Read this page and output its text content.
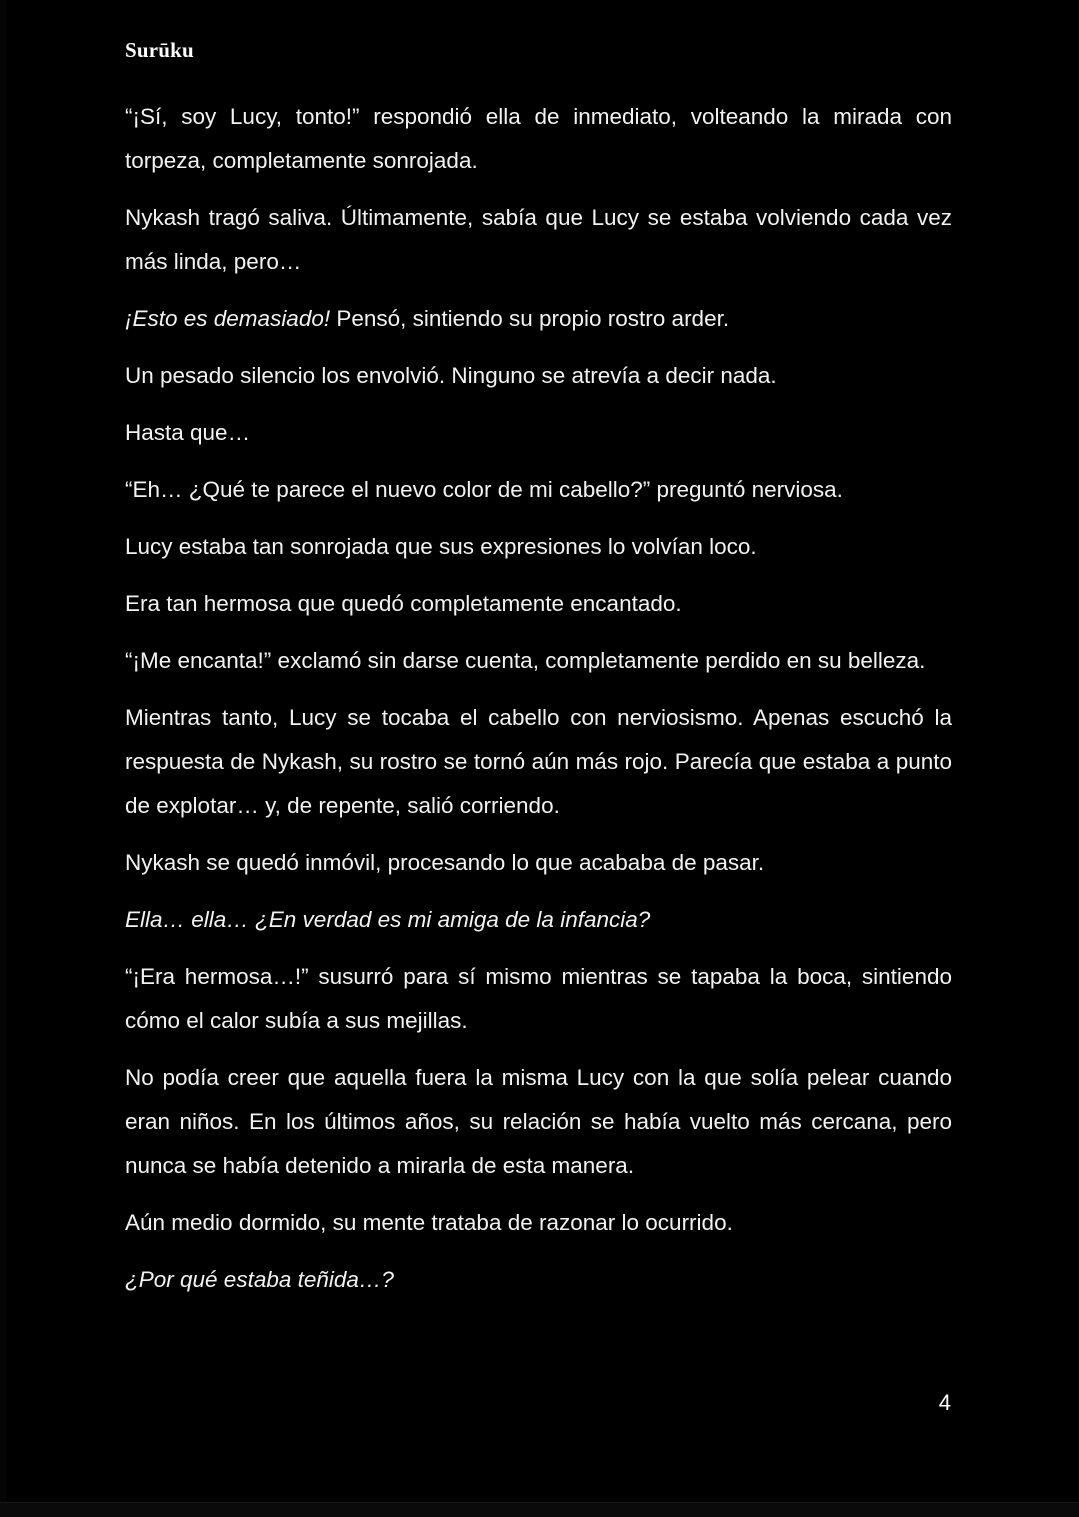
Surūku

“¡Sí, soy Lucy, tonto!” respondió ella de inmediato, volteando la mirada con torpeza, completamente sonrojada.

Nykash tragó saliva. Últimamente, sabía que Lucy se estaba volviendo cada vez más linda, pero…

¡Esto es demasiado! Pensó, sintiendo su propio rostro arder.

Un pesado silencio los envolvió. Ninguno se atrevía a decir nada.

Hasta que…

“Eh… ¿Qué te parece el nuevo color de mi cabello?” preguntó nerviosa.

Lucy estaba tan sonrojada que sus expresiones lo volvían loco.

Era tan hermosa que quedó completamente encantado.

“¡Me encanta!” exclamó sin darse cuenta, completamente perdido en su belleza.

Mientras tanto, Lucy se tocaba el cabello con nerviosismo. Apenas escuchó la respuesta de Nykash, su rostro se tornó aún más rojo. Parecía que estaba a punto de explotar… y, de repente, salió corriendo.

Nykash se quedó inmóvil, procesando lo que acababa de pasar.

Ella… ella… ¿En verdad es mi amiga de la infancia?

“¡Era hermosa…!” susurró para sí mismo mientras se tapaba la boca, sintiendo cómo el calor subía a sus mejillas.

No podía creer que aquella fuera la misma Lucy con la que solía pelear cuando eran niños. En los últimos años, su relación se había vuelto más cercana, pero nunca se había detenido a mirarla de esta manera.

Aún medio dormido, su mente trataba de razonar lo ocurrido.

¿Por qué estaba teñida…?

4
